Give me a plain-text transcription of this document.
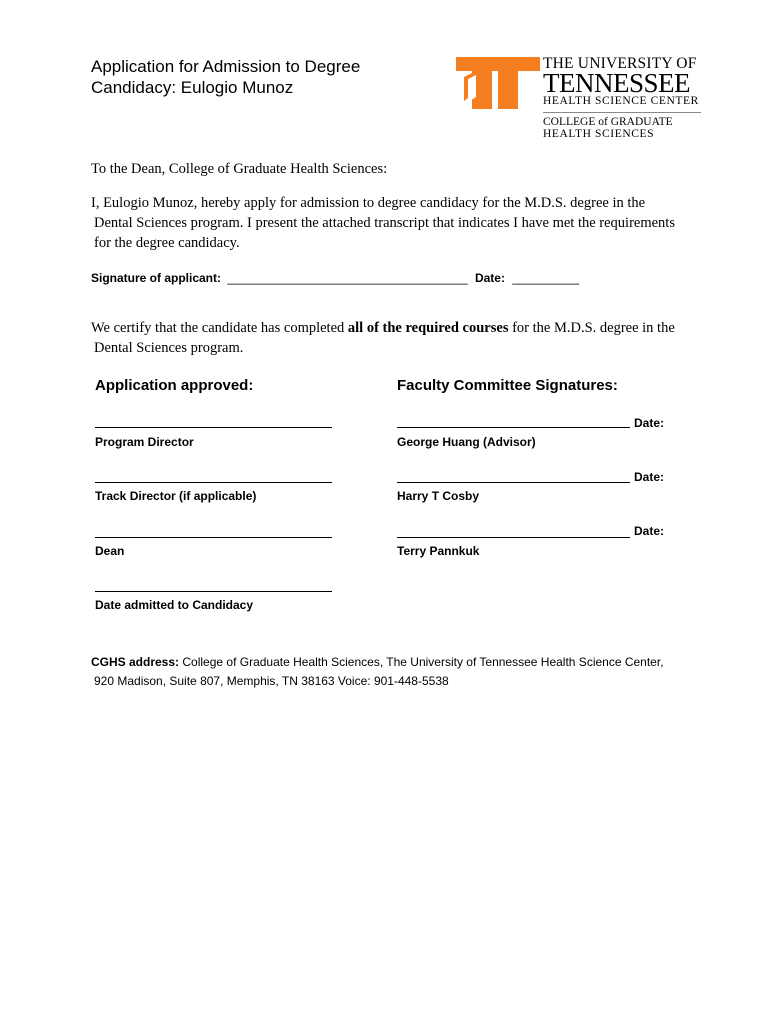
Application for Admission to Degree
Candidacy: Eulogio Munoz
THE UNIVERSITY OF
TENNESSEE
HEALTH SCIENCE CENTER
COLLEGE of GRADUATE
HEALTH SCIENCES
To the Dean, College of Graduate Health Sciences:
I, Eulogio Munoz, hereby apply for admission to degree candidacy for the M.D.S. degree in the
Dental Sciences program. I present the attached transcript that indicates I have met the requirements
for the degree candidacy.
Signature of applicant: ____________________________________ Date: __________
We certify that the candidate has completed all of the required courses for the M.D.S. degree in the
Dental Sciences program.
Application approved:	Faculty Committee Signatures:
Program Director
Track Director (if applicable)
Dean
Date admitted to Candidacy
Date:
George Huang (Advisor)
Date:
Harry T Cosby
Date:
Terry Pannkuk
CGHS address: College of Graduate Health Sciences, The University of Tennessee Health Science Center,
920 Madison, Suite 807, Memphis, TN 38163 Voice: 901-448-5538
